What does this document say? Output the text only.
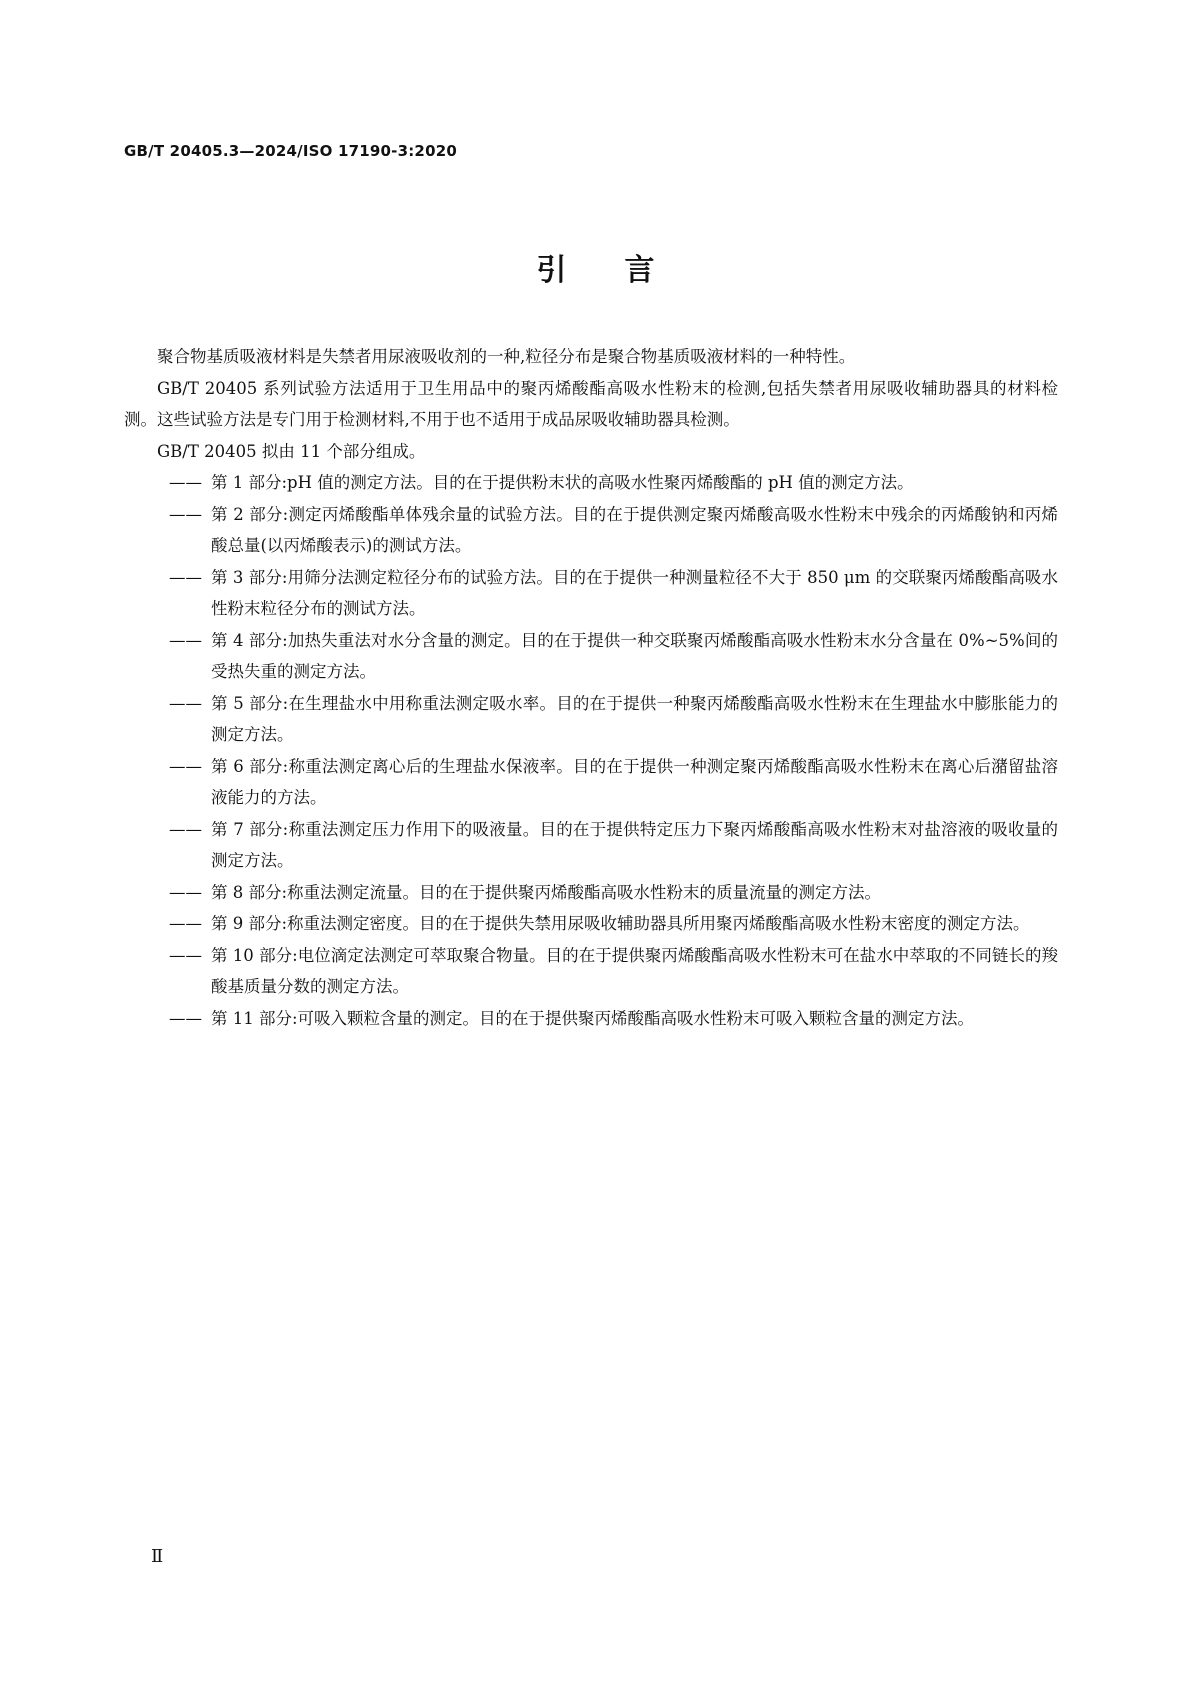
GB/T 20405.3—2024/ISO 17190-3:2020
引言

聚合物基质吸液材料是失禁者用尿液吸收剂的一种,粒径分布是聚合物基质吸液材料的一种特性。

GB/T 20405 系列试验方法适用于卫生用品中的聚丙烯酸酯高吸水性粉末的检测,包括失禁者用尿吸收辅助器具的材料检测。这些试验方法是专门用于检测材料,不用于也不适用于成品尿吸收辅助器具检测。

GB/T 20405 拟由 11 个部分组成。

—— 第 1 部分:pH 值的测定方法。目的在于提供粉末状的高吸水性聚丙烯酸酯的 pH 值的测定方法。
—— 第 2 部分:测定丙烯酸酯单体残余量的试验方法。目的在于提供测定聚丙烯酸高吸水性粉末中残余的丙烯酸钠和丙烯酸总量(以丙烯酸表示)的测试方法。
—— 第 3 部分:用筛分法测定粒径分布的试验方法。目的在于提供一种测量粒径不大于 850 μm 的交联聚丙烯酸酯高吸水性粉末粒径分布的测试方法。
—— 第 4 部分:加热失重法对水分含量的测定。目的在于提供一种交联聚丙烯酸酯高吸水性粉末水分含量在 0%~5%间的受热失重的测定方法。
—— 第 5 部分:在生理盐水中用称重法测定吸水率。目的在于提供一种聚丙烯酸酯高吸水性粉末在生理盐水中膨胀能力的测定方法。
—— 第 6 部分:称重法测定离心后的生理盐水保液率。目的在于提供一种测定聚丙烯酸酯高吸水性粉末在离心后潴留盐溶液能力的方法。
—— 第 7 部分:称重法测定压力作用下的吸液量。目的在于提供特定压力下聚丙烯酸酯高吸水性粉末对盐溶液的吸收量的测定方法。
—— 第 8 部分:称重法测定流量。目的在于提供聚丙烯酸酯高吸水性粉末的质量流量的测定方法。
—— 第 9 部分:称重法测定密度。目的在于提供失禁用尿吸收辅助器具所用聚丙烯酸酯高吸水性粉末密度的测定方法。
—— 第 10 部分:电位滴定法测定可萃取聚合物量。目的在于提供聚丙烯酸酯高吸水性粉末可在盐水中萃取的不同链长的羧酸基质量分数的测定方法。
—— 第 11 部分:可吸入颗粒含量的测定。目的在于提供聚丙烯酸酯高吸水性粉末可吸入颗粒含量的测定方法。
Ⅱ
